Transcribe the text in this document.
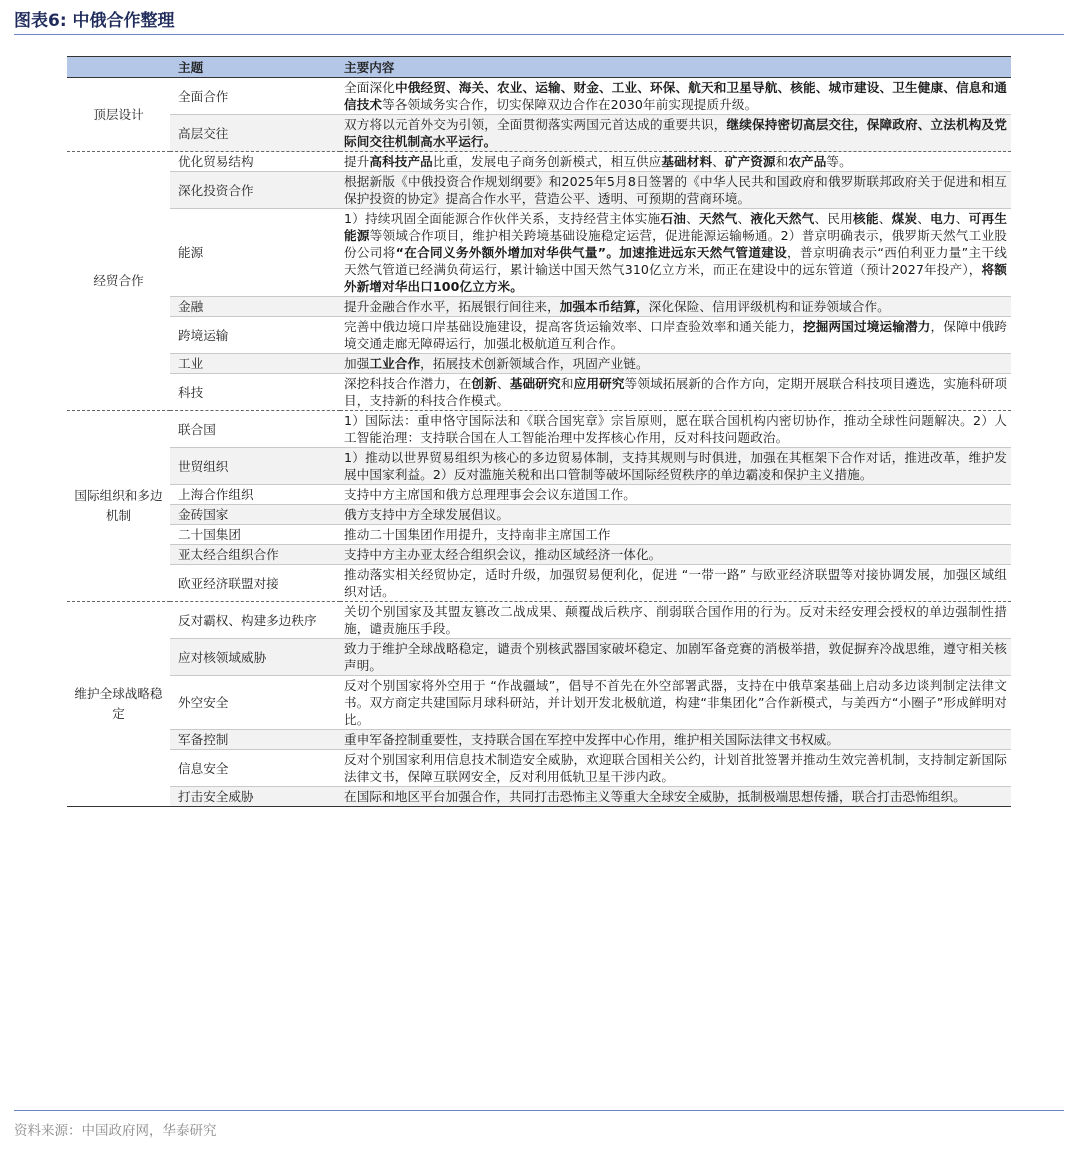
图表6: 中俄合作整理
	主题	主要内容
顶层设计	全面合作	全面深化中俄经贸、海关、农业、运输、财金、工业、环保、航天和卫星导航、核能、城市建设、卫生健康、信息和通信技术等各领域务实合作，切实保障双边合作在2030年前实现提质升级。
	高层交往	双方将以元首外交为引领，全面贯彻落实两国元首达成的重要共识，继续保持密切高层交往，保障政府、立法机构及党际间交往机制高水平运行。
经贸合作	优化贸易结构	提升高科技产品比重，发展电子商务创新模式，相互供应基础材料、矿产资源和农产品等。
	深化投资合作	根据新版《中俄投资合作规划纲要》和2025年5月8日签署的《中华人民共和国政府和俄罗斯联邦政府关于促进和相互保护投资的协定》提高合作水平，营造公平、透明、可预期的营商环境。
	能源	1）持续巩固全面能源合作伙伴关系，支持经营主体实施石油、天然气、液化天然气、民用核能、煤炭、电力、可再生能源等领域合作项目，维护相关跨境基础设施稳定运营，促进能源运输畅通。2）普京明确表示，俄罗斯天然气工业股份公司将“在合同义务外额外增加对华供气量”。加速推进远东天然气管道建设，普京明确表示“西伯利亚力量”主干线天然气管道已经满负荷运行，累计输送中国天然气310亿立方米，而正在建设中的远东管道（预计2027年投产），将额外新增对华出口100亿立方米。
	金融	提升金融合作水平，拓展银行间往来，加强本币结算，深化保险、信用评级机构和证券领域合作。
	跨境运输	完善中俄边境口岸基础设施建设，提高客货运输效率、口岸查验效率和通关能力，挖掘两国过境运输潜力，保障中俄跨境交通走廊无障碍运行，加强北极航道互利合作。
	工业	加强工业合作，拓展技术创新领域合作，巩固产业链。
	科技	深挖科技合作潜力，在创新、基础研究和应用研究等领域拓展新的合作方向，定期开展联合科技项目遴选，实施科研项目，支持新的科技合作模式。
国际组织和多边机制	联合国	1）国际法：重申恪守国际法和《联合国宪章》宗旨原则，愿在联合国机构内密切协作，推动全球性问题解决。2）人工智能治理：支持联合国在人工智能治理中发挥核心作用，反对科技问题政治。
	世贸组织	1）推动以世界贸易组织为核心的多边贸易体制，支持其规则与时俱进，加强在其框架下合作对话，推进改革，维护发展中国家利益。2）反对滥施关税和出口管制等破坏国际经贸秩序的单边霸凌和保护主义措施。
	上海合作组织	支持中方主席国和俄方总理理事会会议东道国工作。
	金砖国家	俄方支持中方全球发展倡议。
	二十国集团	推动二十国集团作用提升，支持南非主席国工作
	亚太经合组织合作	支持中方主办亚太经合组织会议，推动区域经济一体化。
	欧亚经济联盟对接	推动落实相关经贸协定，适时升级，加强贸易便利化，促进 “一带一路” 与欧亚经济联盟等对接协调发展，加强区域组织对话。
维护全球战略稳定	反对霸权、构建多边秩序	关切个别国家及其盟友篡改二战成果、颠覆战后秩序、削弱联合国作用的行为。反对未经安理会授权的单边强制性措施，谴责施压手段。
	应对核领域威胁	致力于维护全球战略稳定，谴责个别核武器国家破坏稳定、加剧军备竞赛的消极举措，敦促摒弃冷战思维，遵守相关核声明。
	外空安全	反对个别国家将外空用于 “作战疆域”，倡导不首先在外空部署武器，支持在中俄草案基础上启动多边谈判制定法律文书。双方商定共建国际月球科研站，并计划开发北极航道，构建“非集团化”合作新模式，与美西方“小圈子”形成鲜明对比。
	军备控制	重申军备控制重要性，支持联合国在军控中发挥中心作用，维护相关国际法律文书权威。
	信息安全	反对个别国家利用信息技术制造安全威胁，欢迎联合国相关公约，计划首批签署并推动生效完善机制，支持制定新国际法律文书，保障互联网安全，反对利用低轨卫星干涉内政。
	打击安全威胁	在国际和地区平台加强合作，共同打击恐怖主义等重大全球安全威胁，抵制极端思想传播，联合打击恐怖组织。
资料来源：中国政府网，华泰研究
